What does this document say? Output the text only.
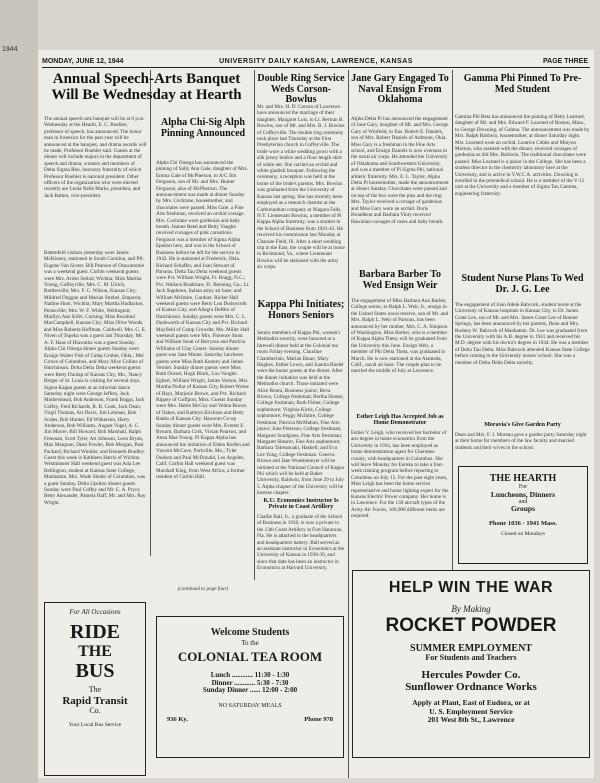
1944
MONDAY, JUNE 12, 1944	UNIVERSITY DAILY KANSAN, LAWRENCE, KANSAS	PAGE THREE
Annual Speech-Arts Banquet Will Be Wednesday at Hearth
The annual speech-arts banquet will be at 6 p.m. Wednesday at the Hearth, E. C. Buehler, professor of speech, has announced. The honor man in forensics for the past year will be announced at the banquet, and drama awards will be made, Professor Buehler said. Guests at the dinner will include majors in the department of speech and drama, winners and members of Delta Sigma Rho, honorary fraternity of which Professor Buehler is national president. Other officers of the organization who were elected recently are Leola Nelle Marks, president, and Jack Batten, vice-president.
Battenfeld visitors yesterday were James McKinney, stationed in South Carolina, and Pfc. Eugene Van Scoter. Bill Pearson of Osawatomie was a weekend guest. Corbin weekend guests were Mrs. Aristo Setlud, Wichita; Miss Martha Young, Coffeyville; Mrs. C. M. Ulrich, Bartlesville; Mrs. F. C. Wilson, Kansas City; Mildred Duggan and Marian Strebel, Emporia; Nadine Hunt, Wichita; Mary Martha Hudlacker, Pennsville; Mrs. W. F. White, Wellington; Marilyn Ann Kifer, Corning; Miss Rosalind MacCampbell, Kansas City; Miss Olive Woods and Miss Roberta Hoffman, Caldwell. Mrs. C. E. Niven of Topeka was a guest last Thursday. Mr. A. F. Haas of Hiawatha was a guest Sunday. Alpha Chi Omega dinner guests Sunday were Ensign Walter Fish of Camp Gruber, Okla.; Mel Crown of Columbus, and Mary Alice Collins of Hutchinson. Delta Delta Delta weekend guests were Betty Dunlap of Kansas City, Mo., Nancy Berger of St. Louis is visiting for several days. Sigma Kappa guests at an informal dance Saturday night were George Jeffers, Jack Mothershead, Bob Anderson, Frank Boggs, Jack Coffey, Fred Richards, R. B. Cook, Jack Dean, Virgil Thomas, Art Davis, Jim Lehman, Bob Scales, Bob Hunter, Ed Wilkerson, Harry Anderson, Bob Williams, August Vogel, A. C. Jim Moore, Bill Howard, Bob Marshall, Ralph Freeman, Scott Tyler, Art Johnson, Leon Bryan, Max Maupran, Dean Fowler, Bob Morgan, Paul Packard, Richard Winkler, and Kenneth Bradley. Guest this week is Kathleen Harris of Wichita. Westminster Hall weekend guest was Ada Lee Bellington, student at Kansas State College, Manhattan. Mrs. Wade Shuler of Columbus, was a guest Sunday. Delta Upsilon dinner guests Sunday were Paul Coffey and Mr. C. A. Pryor, Betty Alexander, Pamela Haff, Mr. and Mrs. Ray Wright.
Alpha Chi-Sig Alph Pinning Announced
Alpha Chi Omega has announced the pinning of Sally Ann Gale, daughter of Mrs. Emma Gale of McPherson, to A/C Jim Ferguson, son of Mr. and Mrs. Homer Ferguson, also of McPherson. The announcement was made at dinner Sunday by Mrs. Cochrane, housemother, and chocolates were passed. Miss Gale, a Fine Arts freshman, received an orchid corsage. Mrs. Cochrane wore gardenias and baby breath. Jeanne Reed and Betty Vaughn received corsages of pink carnations. Ferguson was a member of Sigma Alpha Epsilon here, and was in the School of Business before he left for the service in 1942. He is stationed at Frederick, Okla. Richard Schaffer, and Joan Stewart of Parsons. Delta Tau Delta weekend guests were Pvt. William Wright, Fr. Bragg, N.C.; Pvt. Wallace Bradshaw, Ft. Benning, Ga.; Lt. Jack Stapleton, Italian army air base; and William McIntire, Gardner. Ricker Hall weekend guests were Betty Lou Dodsworth of Kansas City, and Allegra DeBler of Hutchinson. Sunday guests were Mrs. C. L. Dodsworth of Kansas City and Pvt. Richard Mayfield of Camp Crowder, Mo. Miller Hall weekend guests were Mrs. Florence Stout and William Stout of Berryton and Patricia Williams of Clay Center. Sunday dinner guest was Jane Monte. Saturday luncheon guests were Miss Ruth Kenney and James Vernier. Sunday dinner guests were Miss Ruth Oursel, Hugh Black, Lou Vaughn Egbert, William Wright, James Vernon, Mrs. Martha Nollar of Kansas City, Robert Wrene of Hays, Marjorie Brown, and Pvt. Richard Rippey of Goffport, Miss. Guests Sunday were Mrs. Hattie McCoy and Velma Brown of Oakes, and Kathryn Erickson and Betty Banks of Kansas City. Hawsom Co-op Sunday dinner guests were Mrs. Everett E. Bynum, Barbara Cork, Vivian Pearson, and Anna Mae Young. Pi Kappa Alpha has announced the initiation of Elden Kerfen and Vincent McCave, Parkville, Mo.; Tyler Dodson and Paul McDonald, Los Angeles, Calif. Corbin Hall weekend guest was Marshall King, from West Africa, a former resident of Corbin Hall.
(continued to page four)
Double Ring Service Weds Corson-Bowlus
Mr. and Mrs. H. D. Corson of Lawrence have announced the marriage of their daughter, Margaret Lois, to Lt. Bertran B. Bowlus, son of Mr. and Mrs. B. J. Bowlus of Coffeyville. The double ring ceremony took place last Thursday at the First Presbyterian church in Coffeyville. The bride wore a white wedding gown with a silk jersey bodice and a floor length skirt of white net. She carried an orchid and white gladioli bouquet. Following the ceremony, a reception was held at the home of the bride's parents. Mrs. Bowlus was graduated from the University of Kansas last spring. She has recently been employed as a research chemist at the Carborundum company at Niagara Falls, N.Y. Lieutenant Bowlus, a member of Pi Kappa Alpha fraternity, was a student in the School of Business from 1941-43. He received his commission last Monday at Chanute Field, Ill. After a short wedding trip in the East, the couple will be at home in Richmond, Va., where Lieutenant Bowlus will be stationed with the army air corps.
Kappa Phi Initiates; Honors Seniors
Senior members of Kappa Phi, women's Methodist sorority, were honored at a farewell dinner held at the Colonial tea room Friday evening. Claudine Chamberlain, Marian Bauer, Mary Hughes, Esther Lewis, and Juanita Riedel were the honor guests at the dinner. After the dinner initiation was held at the Methodist church. Those initiated were Alice Booni, Business junior; Reva Brown, College freshman; Bertha Hunter, College freshman; Ruth Fisher, College sophomore; Virginia Kirtis, College sophomore; Peggy McIntire, College freshman; Patricia McMahon, Fine Arts junior; June Peterson, College freshman; Margaret Snodgrass, Fine Arts freshman; Margaret Shearer, Fine Arts sophomore; Barbara Tatreanoaki, Haskell; and Eva Lee Yung, College freshman. Geneva Brown and Jane Woestemeyer will be initiated at the National Council of Kappa Phi which will be held at Baker University, Baldwin, from June 29 to July 5. Alpha chapter of the University will be hostess chapter.
K.U. Economics Instructor Is Private in Coast Artillery
Challie Ball, Jr., a graduate of the School of Business in 1938, is now a private in the 13th Coast Artillery at Fort Harancas, Fla. He is attached to the headquarters and headquarters battery. Ball served as an assistant instructor in Economics at the University of Kansas in 1938-39, and since that date has been an instructor in Economics at Harvard University.
Jane Gary Engaged To Naval Ensign From Oklahoma
Alpha Delta Pi has announced the engagement of Jane Gary, daughter of Mr. and Mrs. George Gary of Winfield, to Ens. Robert E. Daniels, son of Mrs. Robert Daniels of Ardmore, Okla. Miss Gary is a freshman in the Fine Arts school, and Ensign Daniels is now overseas in the naval air corps. He attended the University of Oklahoma and Southwestern University, and was a member of Pi Sigma Phi, national athletic fraternity. Mrs. E. L. Taylor, Alpha Delta Pi housemother, made the announcement at dinner Sunday. Chocolates were passed and on top of the box were the pins and the ring. Mrs. Taylor received a corsage of gardenias and Miss Gary wore an orchid. Doris Broadbent and Barbara Vinty received Hawaiian corsages of roses and baby breath.
Barbara Barber To Wed Ensign Weir
The engagement of Miss Barbara Ann Barber, College senior, to Ralph L. Weir, Jr., ensign in the United States naval reserve, son of Mr. and Mrs. Ralph L. Weir of Parsons, has been announced by her mother, Mrs. C. A. Simpson of Washington. Miss Barber, who is a member of Kappa Alpha Theta, will be graduated from the University this June. Ensign Weir, a member of Phi Delta Theta, was graduated in March. He is now stationed at the Alameda, Calif., naval air base. The couple plan to be married the middle of July at Lawrence.
Esther Leigh Has Accepted Job as Home Demonstrator
Esther V. Leigh, who received her bachelor of arts degree in home economics from the University in 1934, has been employed as home demonstration agent for Cherokee county, with headquarters in Columbus. She will leave Monday for Eureka to take a four-week training program before reporting to Columbus on July 15. For the past eight years, Miss Leigh has been the home service representative and home lighting expert for the Kansas Electric Power company. Her home is in Lawrence. For the 130 aircraft types of the Army Air Forces, 100,000 different items are required.
Gamma Phi Pinned To Pre-Med Student
Gamma Phi Beta has announced the pinning of Betty Learned, daughter of Mr. and Mrs. Edward F. Learned of Boston, Mass., to George Downing, of Galena. The announcement was made by Mrs. Ralph Baldwin, housemother, at dinner Saturday night. Mrs. Learned wore an orchid. Leatrice Cobbs and Minyon Morton, who assisted with the dinner, received corsages of gardenias as did Mrs. Baldwin. The traditional chocolates were passed. Miss Learned is a junior in the College. She has been a student director in the chemistry laboratory here at the University, and is active in Y.W.C.A. activities. Downing is enrolled in the premedical school. He is a member of the V-12 unit at the University and a member of Sigma Tau Gamma, engineering fraternity.
Student Nurse Plans To Wed Dr. J. G. Lee
The engagement of Joan Adele Babcock, student nurse at the University of Kansas hospitals in Kansas City, to Dr. James Grant Lee, son of Mr. and Mrs. James Grant Lee of Bonner Springs, has been announced by her parents, Dean and Mrs. Rodney W. Babcock of Manhattan. Dr. Lee was graduated from the University with his A.B. degree in 1941 and received his M.D. degree with his doctor's degree in 1944. He was a member of Delta Tau Delta. Miss Babcock attended Kansas State College before coming to the University nurses' school. She was a member of Delta Delta Delta sorority.
Moravia's Give Garden Party
Dean and Mrs. F. J. Moreau gave a garden party Saturday night at their home for members of the law faculty and married students and their wives in the school.
THE HEARTH
For
Luncheons, Dinners
and
Groups
Phone 1036 · 1941 Mass.
Closed on Mondays
For All Occasions
RIDE
THE
BUS
The
Rapid Transit
Co.
Your Local Bus Service
Welcome Students
To the
COLONIAL TEA ROOM
Lunch ............ 11:30 - 1:30
Dinner ............ 5:30 - 7:30
Sunday Dinner ...... 12:00 - 2:00
NO SATURDAY MEALS
936 Ky.	Phone 978
HELP WIN THE WAR
By Making
ROCKET POWDER
SUMMER EMPLOYMENT
For Students and Teachers
Hercules Powder Co.
Sunflower Ordnance Works
Apply at Plant, East of Eudora, or at
U. S. Employment Service
201 West 8th St., Lawrence
